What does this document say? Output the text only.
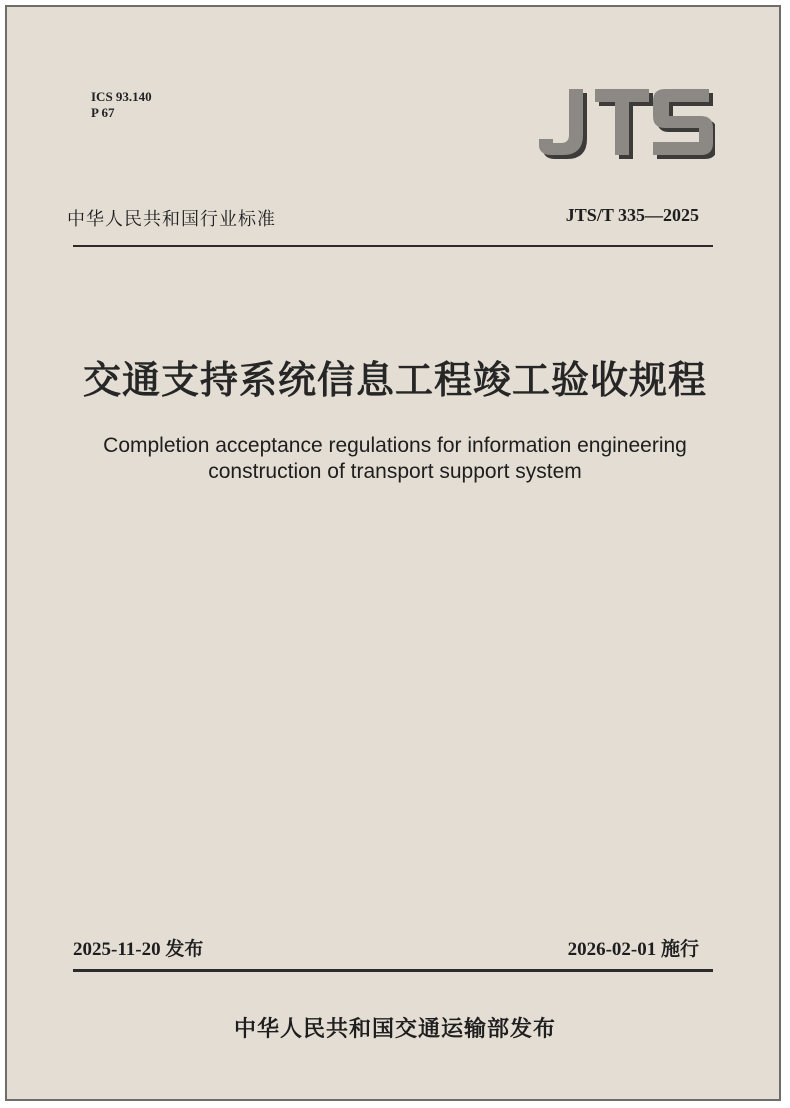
ICS 93.140
P 67
中华人民共和国行业标准	JTS/T 335—2025
交通支持系统信息工程竣工验收规程
Completion acceptance regulations for information engineering
construction of transport support system
2025-11-20 发布	2026-02-01 施行
中华人民共和国交通运输部发布
